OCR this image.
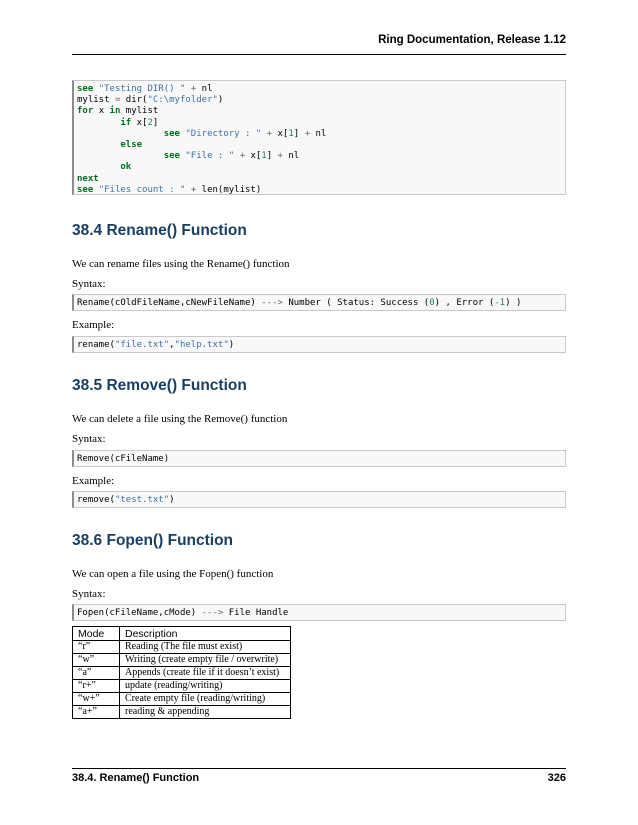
Ring Documentation, Release 1.12
see "Testing DIR() " + nl
mylist = dir("C:\myfolder")
for x in mylist
if x[2]
see "Directory : " + x[1] + nl
else
see "File : " + x[1] + nl
ok
next
see "Files count : " + len(mylist)
38.4 Rename() Function

We can rename files using the Rename() function

Syntax:

Rename(cOldFileName,cNewFileName) ---> Number ( Status: Success (0) , Error (-1) )

Example:

rename("file.txt","help.txt")
38.5 Remove() Function

We can delete a file using the Remove() function

Syntax:

Remove(cFileName)

Example:

remove("test.txt")
38.6 Fopen() Function

We can open a file using the Fopen() function

Syntax:

Fopen(cFileName,cMode) ---> File Handle
Mode	Description
“r”	Reading (The file must exist)
“w”	Writing (create empty file / overwrite)
“a”	Appends (create file if it doesn’t exist)
“r+”	update (reading/writing)
“w+”	Create empty file (reading/writing)
“a+”	reading & appending
38.4. Rename() Function	326
